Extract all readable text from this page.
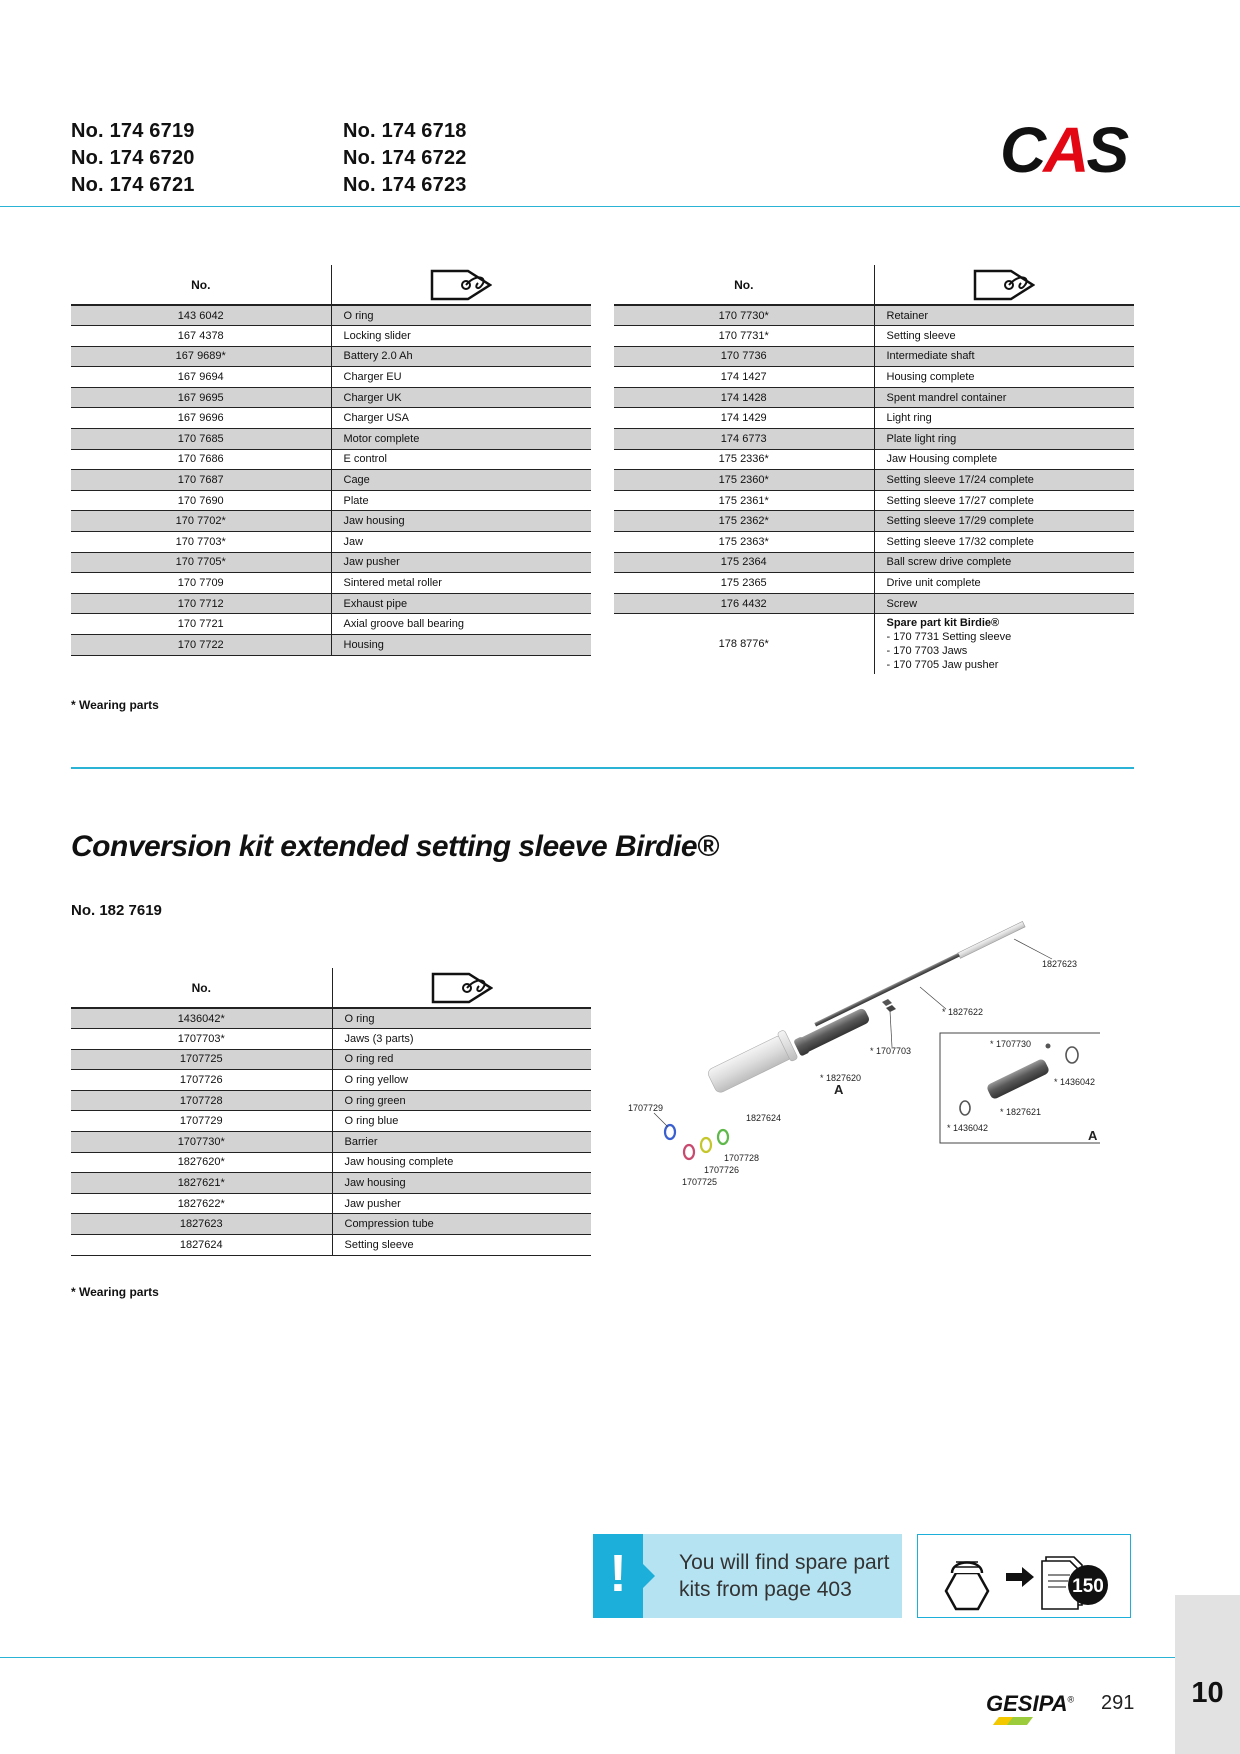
No. 174 6719	No. 174 6718
No. 174 6720	No. 174 6722
No. 174 6721	No. 174 6723	CAS
No.	

143 6042	O ring
167 4378	Locking slider
167 9689*	Battery 2.0 Ah
167 9694	Charger EU
167 9695	Charger UK
167 9696	Charger USA
170 7685	Motor complete
170 7686	E control
170 7687	Cage
170 7690	Plate
170 7702*	Jaw housing
170 7703*	Jaw
170 7705*	Jaw pusher
170 7709	Sintered metal roller
170 7712	Exhaust pipe
170 7721	Axial groove ball bearing
170 7722	Housing
No.	

170 7730*	Retainer
170 7731*	Setting sleeve
170 7736	Intermediate shaft
174 1427	Housing complete
174 1428	Spent mandrel container
174 1429	Light ring
174 6773	Plate light ring
175 2336*	Jaw Housing complete
175 2360*	Setting sleeve 17/24 complete
175 2361*	Setting sleeve 17/27 complete
175 2362*	Setting sleeve 17/29 complete
175 2363*	Setting sleeve 17/32 complete
175 2364	Ball screw drive complete
175 2365	Drive unit complete
176 4432	Screw
178 8776*	Spare part kit Birdie®
- 170 7731 Setting sleeve
- 170 7703 Jaws
- 170 7705 Jaw pusher
* Wearing parts
Conversion kit extended setting sleeve Birdie®
No. 182 7619
No.	

1436042*	O ring
1707703*	Jaws (3 parts)
1707725	O ring red
1707726	O ring yellow
1707728	O ring green
1707729	O ring blue
1707730*	Barrier
1827620*	Jaw housing complete
1827621*	Jaw housing
1827622*	Jaw pusher
1827623	Compression tube
1827624	Setting sleeve
* Wearing parts
1827623
* 1827622
* 1707703
* 1827620
A
1827624
1707729
1707728
1707726
1707725
* 1707730
* 1436042
* 1827621
* 1436042	A
!	You will find spare part kits from page 403	150
GESIPA® 291	10
